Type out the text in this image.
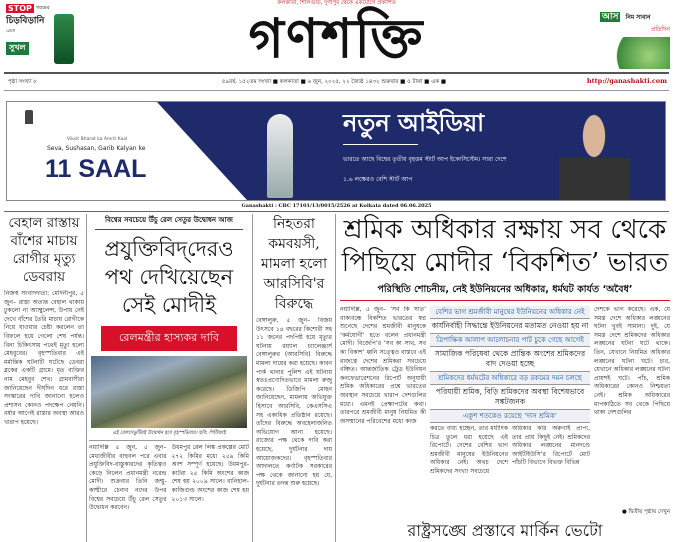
STOP গরমের
চিড়বিড়ানি
রোধে
সুখল
কলকাতা, শিলিগুড়ি, দুর্গাপুর থেকে একযোগে প্রকাশিত
গণশক্তি	আস নিম সাবান
প্রতিদিন
পৃষ্ঠা সংখ্যা ৮	৫৯বর্ষ, ১৫২তম সংখ্যা ■ কলকাতা ■ ৬ জুন, ২০২৫, ২২ জ্যৈষ্ঠ ১৪৩২ শুক্রবার ■ ৫ টাকা ■ এক ■	http://ganashakti.com
Viksit Bharat ka Amrit Kaal
Seva, Sushasan, Garib Kalyan ke
11 SAAL
নতুন আইডিয়া
ভারতে আছে বিশ্বের তৃতীয় বৃহত্তম স্টার্ট আপ ইকোসিস্টেম। সারা দেশে
১.৬ লক্ষেরও বেশি স্টার্ট আপ
Ganashakti : CBC 17101/13/0015/2526 at Kolkata dated 06.06.2025
বেহাল রাস্তায় বাঁশের মাচায় রোগীর মৃত্যু ডেবরায়
নিজস্ব সংবাদদাতা: মেদিনীপুর, ৫ জুন– রাস্তা অত্যন্ত বেহাল থাকায় ঢুকলো না অ্যাম্বুলেন্স, উপায় নেই দেখে বাঁশের তৈরি মাচায় রোগীকে নিয়ে যাওয়ার চেষ্টা করলেন তা বিফলে হয়ে গেলো শেষ পর্যন্ত। বিনা চিকিৎসায় পথেই মৃত্যু হলো মেহবুবের। বৃহস্পতিবার এই মর্মান্তিক ঘটনাটি ঘটেছে ডেবরা ব্লকের একটি গ্রামে। মৃত ব্যক্তির নাম মেহবুব শেখ। গ্রামবাসীরা জানিয়েছেন দীর্ঘদিন ধরে রাস্তা সংস্কারের দাবি জানানো হলেও প্রশাসন কোনও পদক্ষেপ নেয়নি। বর্ষার আগেই রাস্তার অবস্থা আরও খারাপ হয়েছে।
বিশ্বের সবচেয়ে উঁচু রেল সেতুর উদ্বোধন আজ
প্রযুক্তিবিদ্‌দেরও পথ দেখিয়েছেন সেই মোদীই
রেলমন্ত্রীর হাস্যকর দাবি
এই রেলসেতুটিরই উদ্বোধন হবে বৃহস্পতিবার। ছবি: পিটিআই
নয়াদিল্লি ৫ জুন, ৫ জুন– মেধাজীবীর বাহুবল পরে এবার প্রযুক্তিবিদ-বাস্তুকারদের কৃতিত্বও কেড়ে নিলেন প্রধানমন্ত্রী নরেন্দ্র মোদী। শুক্রবার তিনি জম্মু-কাশ্মীরে চেনাব নদের উপর বিশ্বের সবচেয়ে উঁচু রেল সেতুর উদ্বোধন করবেন।
উধমপুর রেল লিঙ্ক প্রকল্পের মোট ২৭২ কিমির মধ্যে ২৫৯ কিমি অংশ সম্পূর্ণ হয়েছে। উধমপুর-কাটরা ২৫ কিমি অংশের কাজ শেষ হয় ২০০৯ সালে। বানিহাল-কাজিগুন্ড অংশের কাজ শেষ হয় ২০১৩ সালে।
নিহতরা কমবয়সী, মামলা হলো আরসিবি'র বিরুদ্ধে
বেঙ্গালুরু, ৫ জুন– বিজয় উৎসবে ১৪ বছরের কিশোরী সহ ১১ জনের পদপিষ্ট হয়ে মৃত্যুর ঘটনায় রয়্যাল চ্যালেঞ্জার্স বেঙ্গালুরুর (আরসিবি) বিরুদ্ধে মামলা দায়ের করা হয়েছে। কাবন পার্ক থানার পুলিশ এই ঘটনায় স্বতঃপ্রণোদিতভাবে মামলা রুজু করেছে। ডিজিপি মোহন জানিয়েছেন, মামলায় অভিযুক্ত হিসাবে আরসিবি, কেএসসিএ সহ একাধিক প্রতিষ্ঠান রয়েছে। তাঁদের বিরুদ্ধে অবহেলাজনিত অভিযোগ আনা হয়েছে। রাজ্যের পক্ষ থেকে দাবি করা হয়েছে, দুর্ঘটনার দায় আয়োজকদের। বৃহস্পতিবার আদালতে কর্ণাটক সরকারের পক্ষ থেকে জানানো হয় যে, দুর্ঘটনার তদন্ত শুরু হয়েছে।
শ্রমিক অধিকার রক্ষায় সব থেকে পিছিয়ে মোদীর ‘বিকশিত’ ভারত
পরিস্থিতি শোচনীয়, নেই ইউনিয়নের অধিকার, ধর্মঘট কার্যত ‘অবৈধ’
নয়াদিল্লি, ৫ জুন– ‘সব কি সাত’ বাক্যবন্ধে বিকশিত ভারতের স্বপ্ন শুনেছে দেশের শ্রমজীবী মানুষকে ‘কর্মযোগী’ হতে বলেন প্রধানমন্ত্রী মোদী। বিজেপি’র ‘সব কা সাথ, সব কা বিকাশ’ ধ্বনি সত্ত্বেও বাস্তবে এই রাজত্বে দেশের শ্রমিকরা সবচেয়ে বঞ্চিত। আন্তর্জাতিক ট্রেড ইউনিয়ন কনফেডারেশনের রিপোর্ট অনুযায়ী শ্রমিক অধিকারের প্রশ্নে ভারতের অবস্থান সবচেয়ে খারাপ দেশগুলির মধ্যে। এমনই প্রেক্ষাপটের কথা। তারপরে শ্রমজীবী মানুষ নিয়মিত কী অসম্মানের পরিবেশের মধ্যে কাজ
বেশির ভাগ শ্রমজীবী মানুষের ইউনিয়নের অধিকার নেই
কার্যনির্বাহী সিদ্ধান্তে ইউনিয়নের মতামত নেওয়া হয় না
ত্রিপাক্ষিক আলাপ আলোচনার পাট চুকে গেছে আগেই
সামাজিক পরিষেবা থেকে প্রান্তিক অংশের শ্রমিকদের বাদ দেওয়া হচ্ছে
শ্রমিকদের ধর্মঘটের অধিকারে বড় রকমের দমন চলছে
পরিযায়ী শ্রমিক, বিড়ি শ্রমিকদের অবস্থা বিশেষভাবে সঙ্কটজনক
একুশ শতকেও রয়েছে ‘দাস শ্রমিক’
করতে বাধ্য হচ্ছেন, তার মর্যাদিক চিত্র তুলে ধরা হয়েছে এই রিপোর্টে। দেশের বেশির ভাগ শ্রমজীবী মানুষের ইউনিয়নের অধিকার নেই। অথচ দেশে শ্রমিকদের সংখ্যা সবচেয়ে
অধিকার করি অরুণাই প্রাপ্য, তার প্রায় কিছুই নেই। শ্রমিকদের অধিকার লঙ্ঘনের মানদণ্ডে আইটিইউসি’র রিপোর্টে মোট পাঁচটি বিভাগে বিভক্ত বিভিন্ন
দেশকে ভাগ করেছে। এক, যে সমস্ত দেশে অধিকার লঙ্ঘনের ঘটনা খুবই সামান্য। দুই, যে সমস্ত দেশে শ্রমিকদের অধিকার লঙ্ঘনের ঘটনা ঘটে থাকে। তিন, যেখানে নিয়মিত অধিকার লঙ্ঘনের ঘটনা ঘটে। চার, যেখানে অধিকার লঙ্ঘনের ঘটনা প্রায়শই ঘটে। পাঁচ, শ্রমিক অধিকারের কোনও নিশ্চয়তা নেই। শ্রমিক অধিকারের মাপকাঠিতে সব থেকে পিছিয়ে থাকা দেশগুলির
● দ্বিতীয় পৃষ্ঠায় দেখুন
রাষ্ট্রসঙ্ঘে প্রস্তাবে মার্কিন ভেটো
